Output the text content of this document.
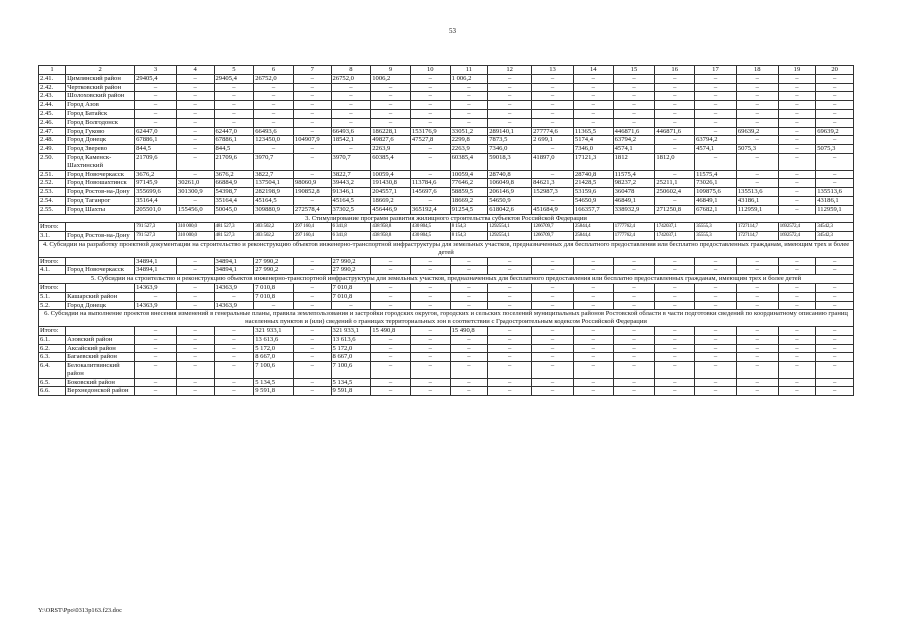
53
1	2	3	4	5	6	7	8	9	10	11	12	13	14	15	16	17	18	19	20
2.41.	Цимлянский район	29405,4	–	29405,4	26752,0	–	26752,0	1006,2	–	1 006,2	–	–	–	–	–	–	–	–	–
2.42.	Чертковский район	–	–	–	–	–	–	–	–	–	–	–	–	–	–	–	–	–	–
2.43.	Шолоховский район	–	–	–	–	–	–	–	–	–	–	–	–	–	–	–	–	–	–
2.44.	Город Азов	–	–	–	–	–	–	–	–	–	–	–	–	–	–	–	–	–	–
2.45.	Город Батайск	–	–	–	–	–	–	–	–	–	–	–	–	–	–	–	–	–	–
2.46.	Город Волгодонск	–	–	–	–	–	–	–	–	–	–	–	–	–	–	–	–	–	–
2.47.	Город Гуково	62447,0	–	62447,0	66493,6	–	66493,6	186228,1	153176,9	33051,2	289140,1	277774,6	11365,5	446871,6	446871,6	–	69639,2	–	69639,2
2.48.	Город Донецк	67886,1	–	67886,1	123450,0	104907,9	18542,1	49827,6	47527,8	2299,8	7873,5	2 699,1	5174,4	63794,2	–	63794,2	–	–	–
2.49.	Город Зверево	844,5	–	844,5	–	–	–	2263,9	–	2263,9	7346,0	–	7346,0	4574,1	–	4574,1	5075,3	–	5075,3
2.50.	Город Каменск-Шахтинский	21709,6	–	21709,6	3970,7	–	3970,7	60385,4	–	60385,4	59018,3	41897,0	17121,3	1812	1812,0	–	–	–	–
2.51.	Город Новочеркасск	3676,2	–	3676,2	3822,7	–	3822,7	10059,4	–	10059,4	28740,8	–	28740,8	11575,4	–	11575,4	–	–	–
2.52.	Город Новошахтинск	97145,9	30261,0	66884,9	137504,1	98060,9	39443,2	191430,8	113784,6	77646,2	106049,8	84621,3	21428,5	98237,2	25211,1	73026,1	–	–	–
2.53.	Город Ростов-на-Дону	355699,6	301300,9	54398,7	282198,9	190852,8	91346,1	204557,1	145697,6	58859,5	206146,9	152987,3	53159,6	360478	250602,4	109875,6	135513,6	–	135513,6
2.54.	Город Таганрог	35164,4	–	35164,4	45164,5	–	45164,5	18669,2	–	18669,2	54650,9	–	54650,9	46849,1	–	46849,1	43186,1	–	43186,1
2.55.	Город Шахты	205501,0	155456,0	50045,0	309880,9	272578,4	37302,5	456446,9	365192,4	91254,5	618042,6	451684,9	166357,7	338932,9	271250,8	67682,1	112959,1	–	112959,1
3. Стимулирование программ развития жилищного строительства субъектов Российской Федерации																			
Итого:		791 527,3	310 000,0	481 527,3	303 502,2	297 160,4	6 341,8	438 958,8	430 804,5	8 154,3	1292554,1	1266709,7	25844,4	1777762,4	1742037,1	35555,3	1727114,7	1692572,4	34542,3
3.1.	Город Ростов-на-Дону	791 527,3	310 000,0	481 527,3	303 502,2	297 160,4	6 341,8	438 958,8	430 804,5	8 154,3	1292554,1	1266709,7	25844,4	1777762,4	1742037,1	35555,3	1727114,7	1692572,4	34542,3
4. Субсидии на разработку проектной документации на строительство и реконструкцию объектов инженерно-транспортной инфраструктуры для земельных участков, предназначенных для бесплатного предоставления или бесплатно предоставленных гражданам, имеющим трех и более детей																			
Итого:		34894,1	–	34894,1	27 990,2	–	27 990,2	–	–	–	–	–	–	–	–	–	–	–	–
4.1.	Город Новочеркасск	34894,1	–	34894,1	27 990,2	–	27 990,2	–	–	–	–	–	–	–	–	–	–	–	–
5. Субсидии на строительство и реконструкцию объектов инженерно-транспортной инфраструктуры для земельных участков, предназначенных для бесплатного предоставления или бесплатно предоставленных гражданам, имеющим трех и более детей																			
Итого:		14363,9	–	14363,9	7 010,8	–	7 010,8	–	–	–	–	–	–	–	–	–	–	–	–
5.1.	Кашарский район	–	–	–	7 010,8	–	7 010,8	–	–	–	–	–	–	–	–	–	–	–	–
5.2.	Город Донецк	14363,9	–	14363,9	–	–	–	–	–	–	–	–	–	–	–	–	–	–	–
6. Субсидии на выполнение проектов внесения изменений в генеральные планы, правила землепользования и застройки городских округов, городских и сельских поселений муниципальных районов Ростовской области в части подготовки сведений по координатному описанию границ населенных пунктов и (или) сведений о границах территориальных зон в соответствии с Градостроительным кодексом Российской Федерации																			
Итого:		–	–	–	321 933,1	–	321 933,1	15 490,8	–	15 490,8	–	–	–	–	–	–	–	–	–
6.1.	Азовский район	–	–	–	13 613,6	–	13 613,6	–	–	–	–	–	–	–	–	–	–	–	–
6.2.	Аксайский район	–	–	–	5 172,0	–	5 172,0	–	–	–	–	–	–	–	–	–	–	–	–
6.3.	Багаевский район	–	–	–	8 667,0	–	8 667,0	–	–	–	–	–	–	–	–	–	–	–	–
6.4.	Белокалитвинский район	–	–	–	7 100,6	–	7 100,6	–	–	–	–	–	–	–	–	–	–	–	–
6.5.	Боковский район	–	–	–	5 134,5	–	5 134,5	–	–	–	–	–	–	–	–	–	–	–	–
6.6.	Верхнедонской район	–	–	–	9 591,8	–	9 591,8	–	–	–	–	–	–	–	–	–	–	–	–
Y:\ORST\Ppo\0313p163.f23.doc
